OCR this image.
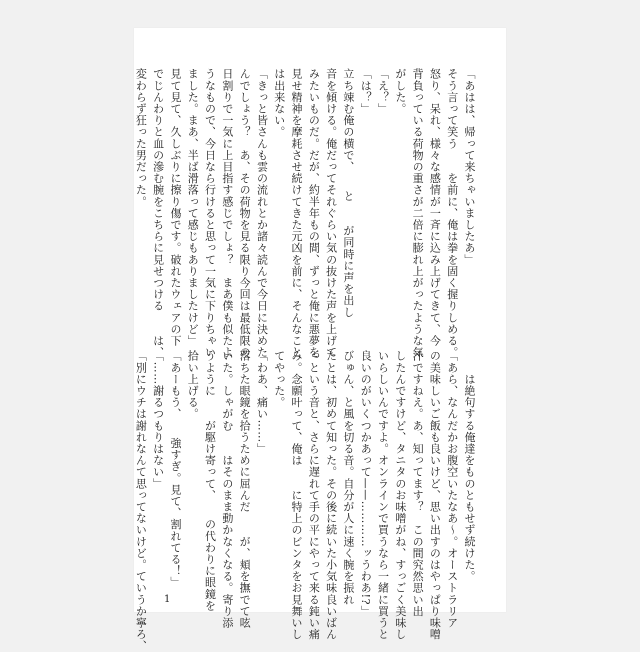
「あはは、帰って来ちゃいましたあ」

そう言って笑う　　を前に、俺は拳を固く握りしめる。

怒り、呆れ、様々な感情が一斉に込み上げてきて、今

背負っている荷物の重さが二倍に膨れ上がったような気

がした。

「え？」

「は？」

立ち竦む俺の横で、　　と　　が同時に声を出し

音を傾ける。俺だってそれぐらい気の抜けた声を上げて

みたいものだ。だが、約半年もの間、ずっと俺に悪夢を

見せ精神を摩耗させ続けてきた元凶を前に、そんなこと

は出来ない。

「きっと皆さんも雲の流れとか諸々読んで今日に決めた

んでしょう？　あ、その荷物を見る限り今回は最低限の

日割りで一気に上目指す感じでしょ？　まあ僕も似たよ

うなもので、今日なら行けると思って一気に下りちゃい

ました。まあ、半ば滑落って感じもありましたけど」

見て見て、久しぶりに擦り傷です。破れたウェアの下

でじんわりと血の滲む腕をこちらに見せつける　　は、

変わらず狂った男だった。

　　は絶句する俺達をものともせず続けた。

「あら、なんだかお腹空いたなあ〜。オーストラリア

の美味しいご飯も良いけど、思い出すのはやっぱり味噌

汁ですねえ。あ、知ってます？　この間究然思い出

したんですけど、タニタのお味噌がね、すっごく美味し

いらしいんですよ。オンラインで買うなら一緒に買うと

良いのがいくつかあって——…………ッうわあ!?」

びゅん、と風を切る音。自分が人に速く腕を振れ

たとは、初めて知った。その後に続いた小気味良いばん

っという音と、さらに遅れて手の平にやって来る鈍い痛

み。念願叶って、俺は　　に特上のビンタをお見舞いし

てやった。

「わあ、痛い……」

落ちた眼鏡を拾うために屈んだ　　が、頬を撫でて呟

いた。しゃがむ　　はそのまま動かなくなる。寄り添

うように　　が駆け寄って、　　の代わりに眼鏡を

拾い上げる。

「あーもう、　　強すぎ。見て、割れてる！」

「……謝るつもりはない」

「別にウチは謝れなんて思ってないけど。ていうか寧ろ、 1
